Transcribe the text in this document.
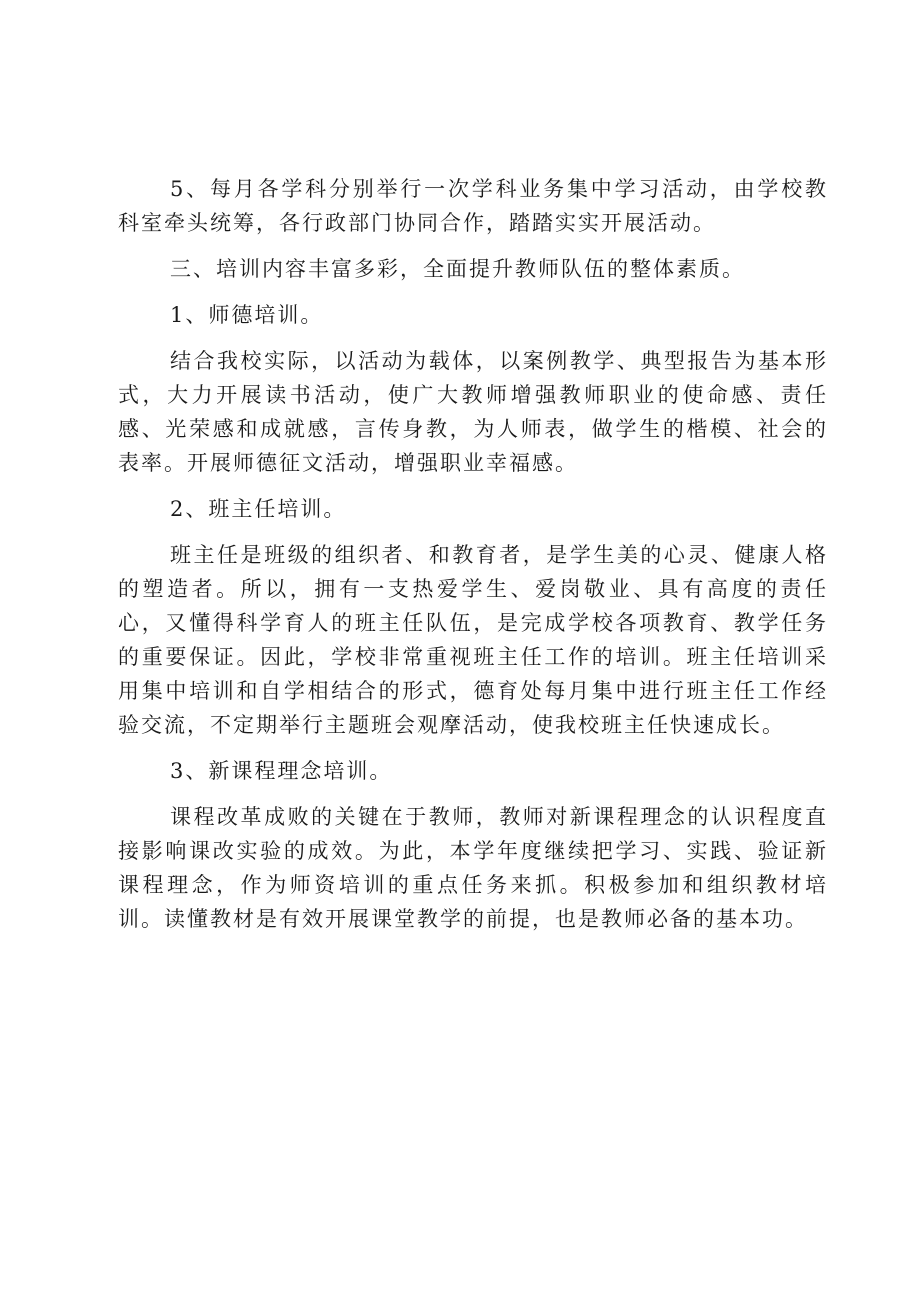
5、每月各学科分别举行一次学科业务集中学习活动，由学校教科室牵头统筹，各行政部门协同合作，踏踏实实开展活动。

三、培训内容丰富多彩，全面提升教师队伍的整体素质。

1、师德培训。

结合我校实际，以活动为载体，以案例教学、典型报告为基本形式，大力开展读书活动，使广大教师增强教师职业的使命感、责任感、光荣感和成就感，言传身教，为人师表，做学生的楷模、社会的表率。开展师德征文活动，增强职业幸福感。

2、班主任培训。

班主任是班级的组织者、和教育者，是学生美的心灵、健康人格的塑造者。所以，拥有一支热爱学生、爱岗敬业、具有高度的责任心，又懂得科学育人的班主任队伍，是完成学校各项教育、教学任务的重要保证。因此，学校非常重视班主任工作的培训。班主任培训采用集中培训和自学相结合的形式，德育处每月集中进行班主任工作经验交流，不定期举行主题班会观摩活动，使我校班主任快速成长。

3、新课程理念培训。

课程改革成败的关键在于教师，教师对新课程理念的认识程度直接影响课改实验的成效。为此，本学年度继续把学习、实践、验证新课程理念，作为师资培训的重点任务来抓。积极参加和组织教材培训。读懂教材是有效开展课堂教学的前提，也是教师必备的基本功。
